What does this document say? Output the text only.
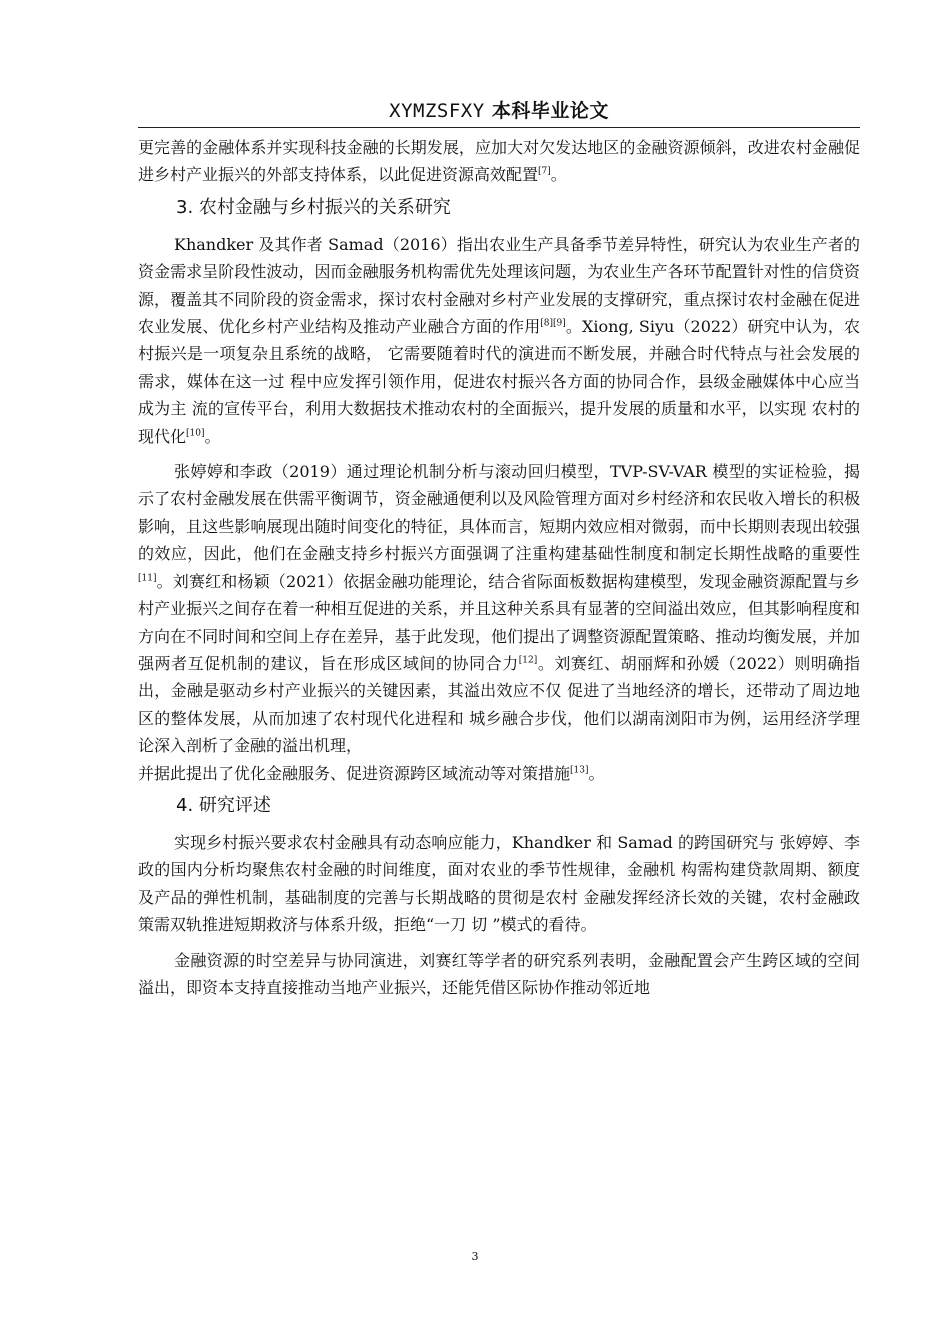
XYMZSFXY 本科毕业论文

更完善的金融体系并实现科技金融的长期发展，应加大对欠发达地区的金融资源倾斜，改进农村金融促进乡村产业振兴的外部支持体系，以此促进资源高效配置[7]。

3. 农村金融与乡村振兴的关系研究

Khandker 及其作者 Samad（2016）指出农业生产具备季节差异特性，研究认为农业生产者的资金需求呈阶段性波动，因而金融服务机构需优先处理该问题，为农业生产各环节配置针对性的信贷资源，覆盖其不同阶段的资金需求，探讨农村金融对乡村产业发展的支撑研究，重点探讨农村金融在促进农业发展、优化乡村产业结构及推动产业融合方面的作用[8][9]。Xiong, Siyu（2022）研究中认为，农村振兴是一项复杂且系统的战略， 它需要随着时代的演进而不断发展，并融合时代特点与社会发展的需求，媒体在这一过 程中应发挥引领作用，促进农村振兴各方面的协同合作，县级金融媒体中心应当成为主 流的宣传平台，利用大数据技术推动农村的全面振兴，提升发展的质量和水平，以实现 农村的现代化[10]。

张婷婷和李政（2019）通过理论机制分析与滚动回归模型，TVP-SV-VAR 模型的实证检验，揭示了农村金融发展在供需平衡调节，资金融通便利以及风险管理方面对乡村经济和农民收入增长的积极影响，且这些影响展现出随时间变化的特征，具体而言，短期内效应相对微弱，而中长期则表现出较强的效应，因此，他们在金融支持乡村振兴方面强调了注重构建基础性制度和制定长期性战略的重要性[11]。刘赛红和杨颖（2021）依据金融功能理论，结合省际面板数据构建模型，发现金融资源配置与乡村产业振兴之间存在着一种相互促进的关系，并且这种关系具有显著的空间溢出效应，但其影响程度和方向在不同时间和空间上存在差异，基于此发现，他们提出了调整资源配置策略、推动均衡发展，并加强两者互促机制的建议，旨在形成区域间的协同合力[12]。刘赛红、胡丽辉和孙媛（2022）则明确指出，金融是驱动乡村产业振兴的关键因素，其溢出效应不仅 促进了当地经济的增长，还带动了周边地区的整体发展，从而加速了农村现代化进程和 城乡融合步伐，他们以湖南浏阳市为例，运用经济学理论深入剖析了金融的溢出机理，

并据此提出了优化金融服务、促进资源跨区域流动等对策措施[13]。

4. 研究评述

实现乡村振兴要求农村金融具有动态响应能力，Khandker 和 Samad 的跨国研究与 张婷婷、李政的国内分析均聚焦农村金融的时间维度，面对农业的季节性规律，金融机 构需构建贷款周期、额度及产品的弹性机制，基础制度的完善与长期战略的贯彻是农村 金融发挥经济长效的关键，农村金融政策需双轨推进短期救济与体系升级，拒绝“一刀 切 ”模式的看待。

金融资源的时空差异与协同演进，刘赛红等学者的研究系列表明，金融配置会产生跨区域的空间溢出，即资本支持直接推动当地产业振兴，还能凭借区际协作推动邻近地

3
